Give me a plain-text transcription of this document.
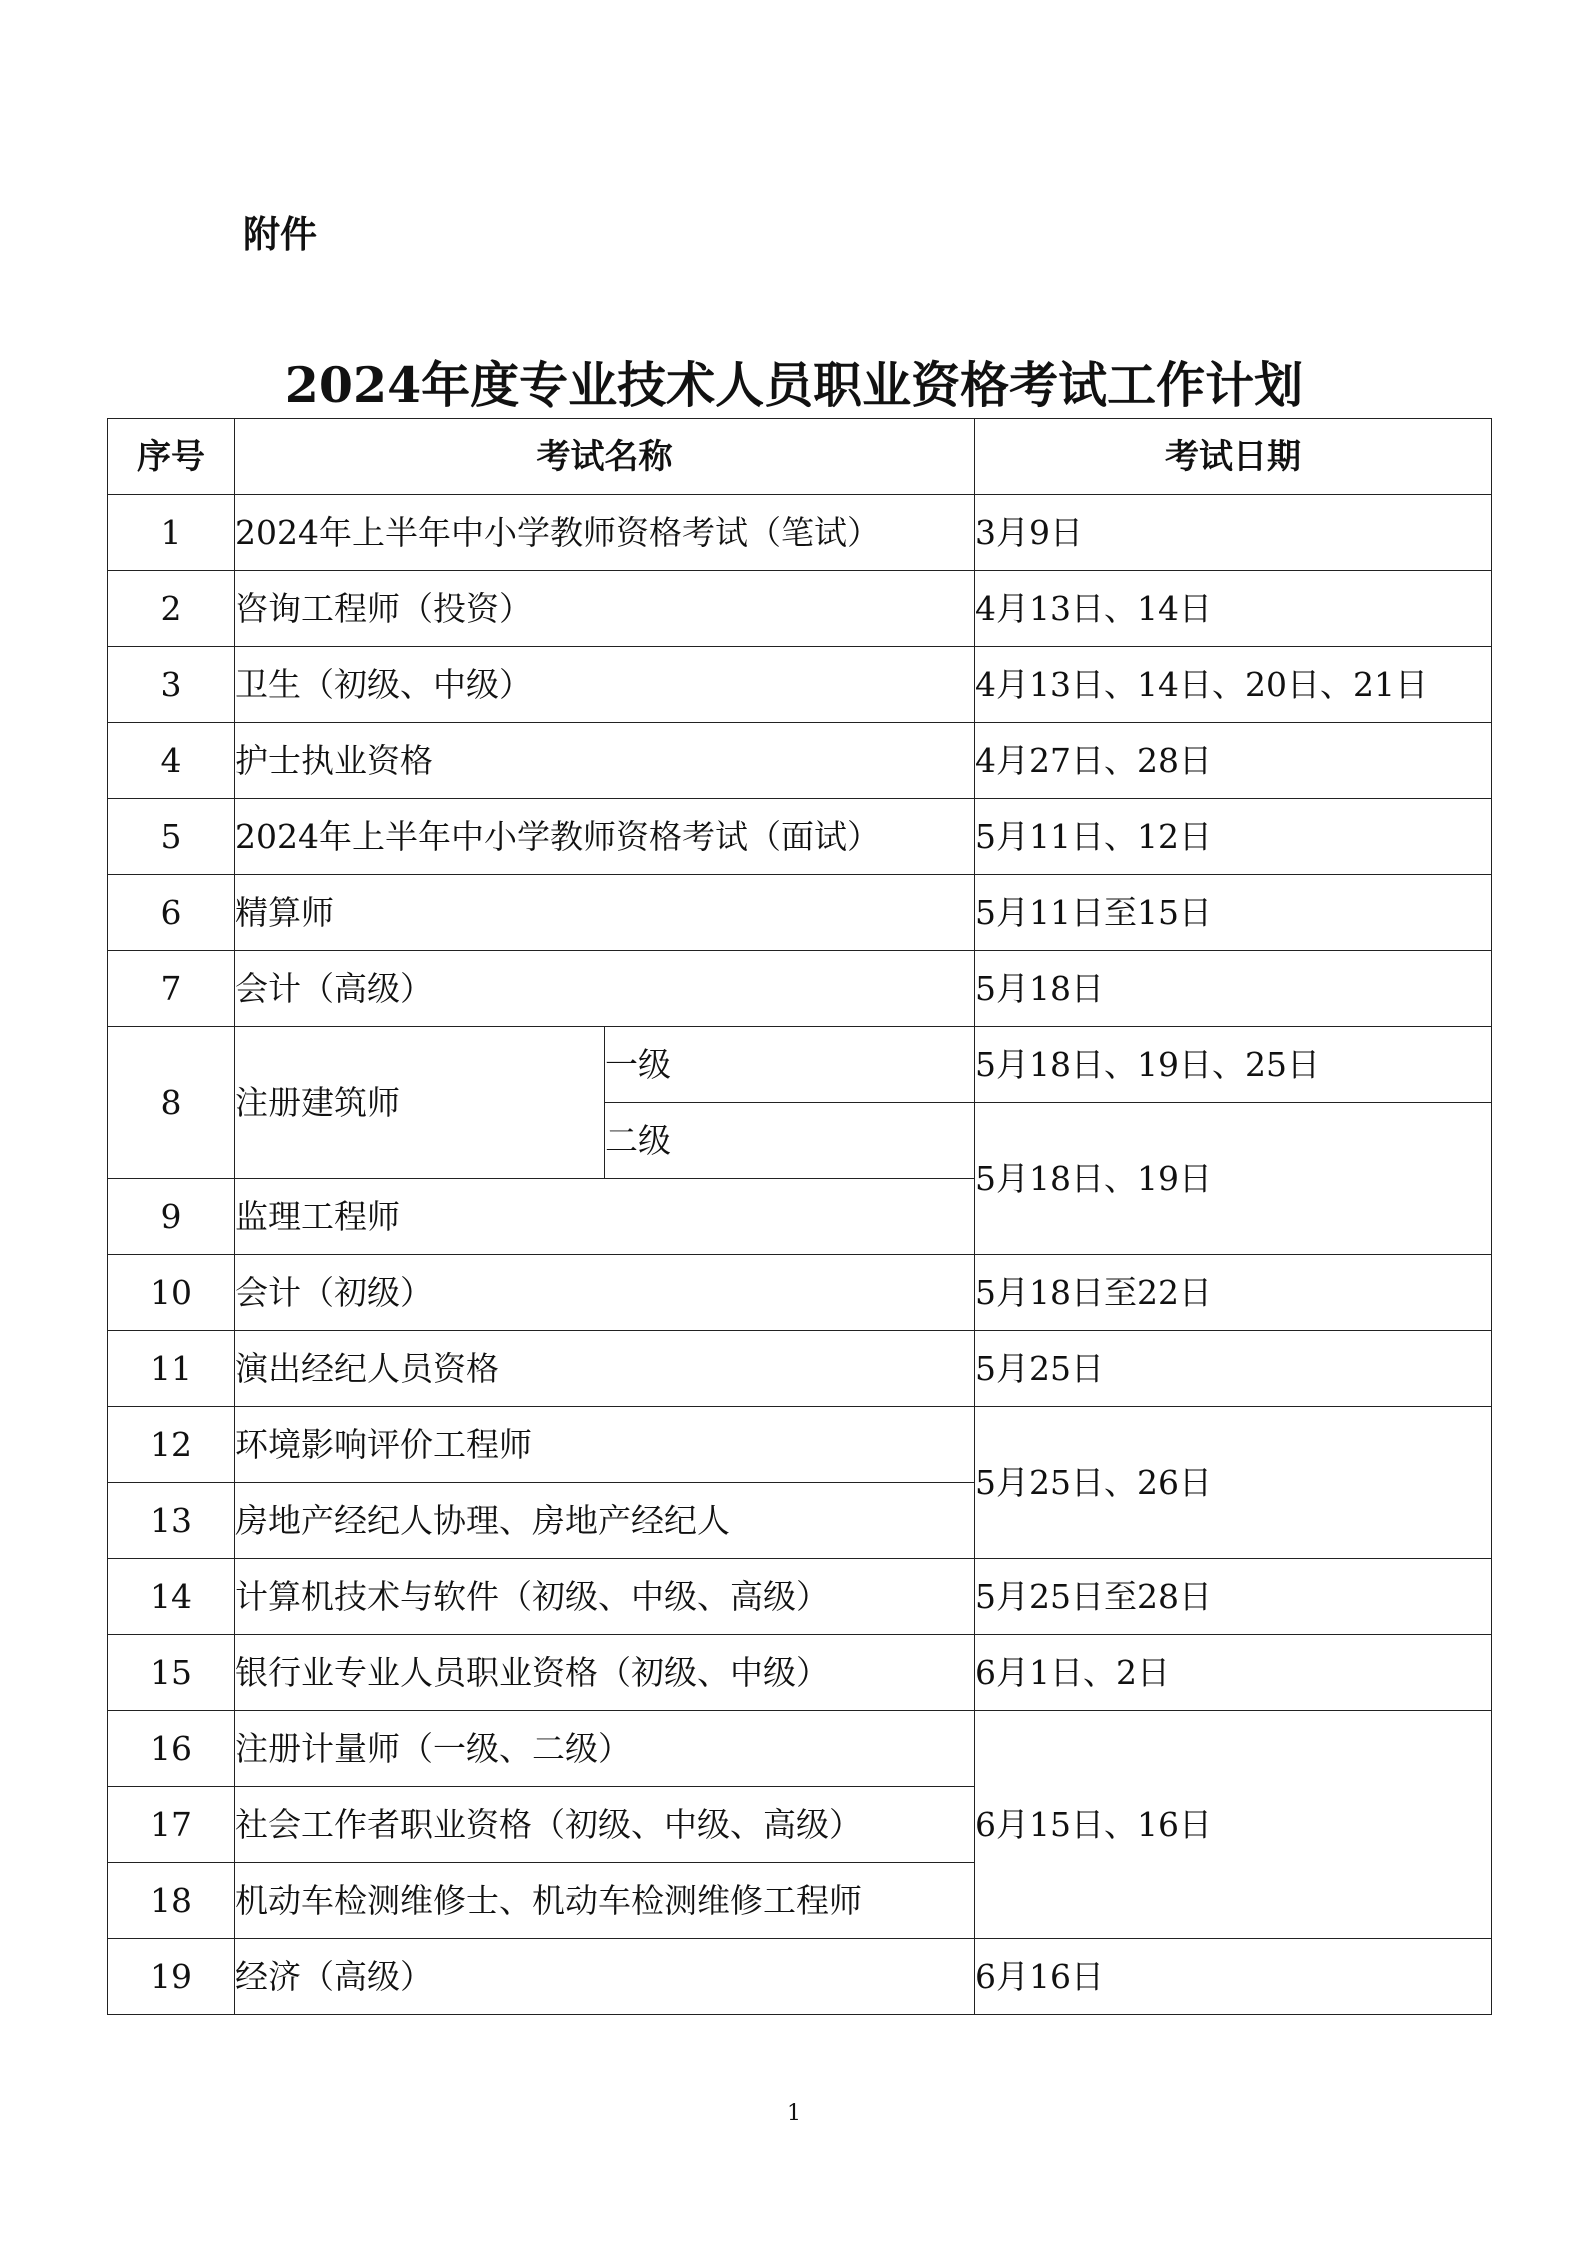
附件

2024年度专业技术人员职业资格考试工作计划
序号	考试名称		考试日期
1	2024年上半年中小学教师资格考试（笔试）		3月9日
2	咨询工程师（投资）		4月13日、14日
3	卫生（初级、中级）		4月13日、14日、20日、21日
4	护士执业资格		4月27日、28日
5	2024年上半年中小学教师资格考试（面试）		5月11日、12日
6	精算师		5月11日至15日
7	会计（高级）		5月18日
8	注册建筑师	一级	5月18日、19日、25日
		二级	5月18日、19日
9	监理工程师		
10	会计（初级）		5月18日至22日
11	演出经纪人员资格		5月25日
12	环境影响评价工程师		5月25日、26日
13	房地产经纪人协理、房地产经纪人		
14	计算机技术与软件（初级、中级、高级）		5月25日至28日
15	银行业专业人员职业资格（初级、中级）		6月1日、2日
16	注册计量师（一级、二级）		6月15日、16日
17	社会工作者职业资格（初级、中级、高级）		
18	机动车检测维修士、机动车检测维修工程师		
19	经济（高级）		6月16日

1
